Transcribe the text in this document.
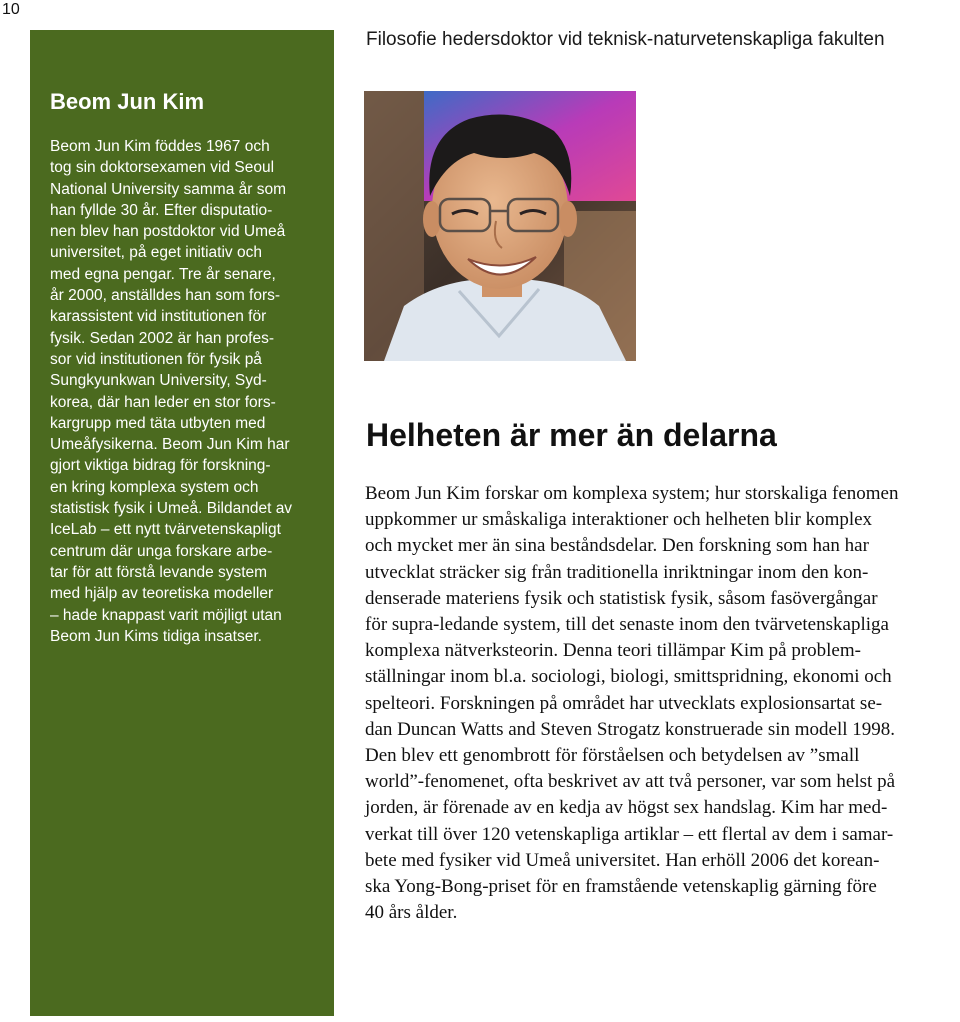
10
Filosofie hedersdoktor vid teknisk-naturvetenskapliga fakulten
Beom Jun Kim

Beom Jun Kim föddes 1967 och
tog sin doktorsexamen vid Seoul
National University samma år som
han fyllde 30 år. Efter disputatio-
nen blev han postdoktor vid Umeå
universitet, på eget initiativ och
med egna pengar. Tre år senare,
år 2000, anställdes han som fors-
karassistent vid institutionen för
fysik. Sedan 2002 är han profes-
sor vid institutionen för fysik på
Sungkyunkwan University, Syd-
korea, där han leder en stor fors-
kargrupp med täta utbyten med
Umeåfysikerna. Beom Jun Kim har
gjort viktiga bidrag för forskning-
en kring komplexa system och
statistisk fysik i Umeå. Bildandet av
IceLab – ett nytt tvärvetenskapligt
centrum där unga forskare arbe-
tar för att förstå levande system
med hjälp av teoretiska modeller
– hade knappast varit möjligt utan
Beom Jun Kims tidiga insatser.

Helheten är mer än delarna

Beom Jun Kim forskar om komplexa system; hur storskaliga fenomen
uppkommer ur småskaliga interaktioner och helheten blir komplex
och mycket mer än sina beståndsdelar. Den forskning som han har
utvecklat sträcker sig från traditionella inriktningar inom den kon-
denserade materiens fysik och statistisk fysik, såsom fasövergångar
för supra-ledande system, till det senaste inom den tvärvetenskapliga
komplexa nätverksteorin. Denna teori tillämpar Kim på problem-
ställningar inom bl.a. sociologi, biologi, smittspridning, ekonomi och
spelteori. Forskningen på området har utvecklats explosionsartat se-
dan Duncan Watts and Steven Strogatz konstruerade sin modell 1998.
Den blev ett genombrott för förståelsen och betydelsen av ”small
world”-fenomenet, ofta beskrivet av att två personer, var som helst på
jorden, är förenade av en kedja av högst sex handslag. Kim har med-
verkat till över 120 vetenskapliga artiklar – ett flertal av dem i samar-
bete med fysiker vid Umeå universitet. Han erhöll 2006 det korean-
ska Yong-Bong-priset för en framstående vetenskaplig gärning före
40 års ålder.
